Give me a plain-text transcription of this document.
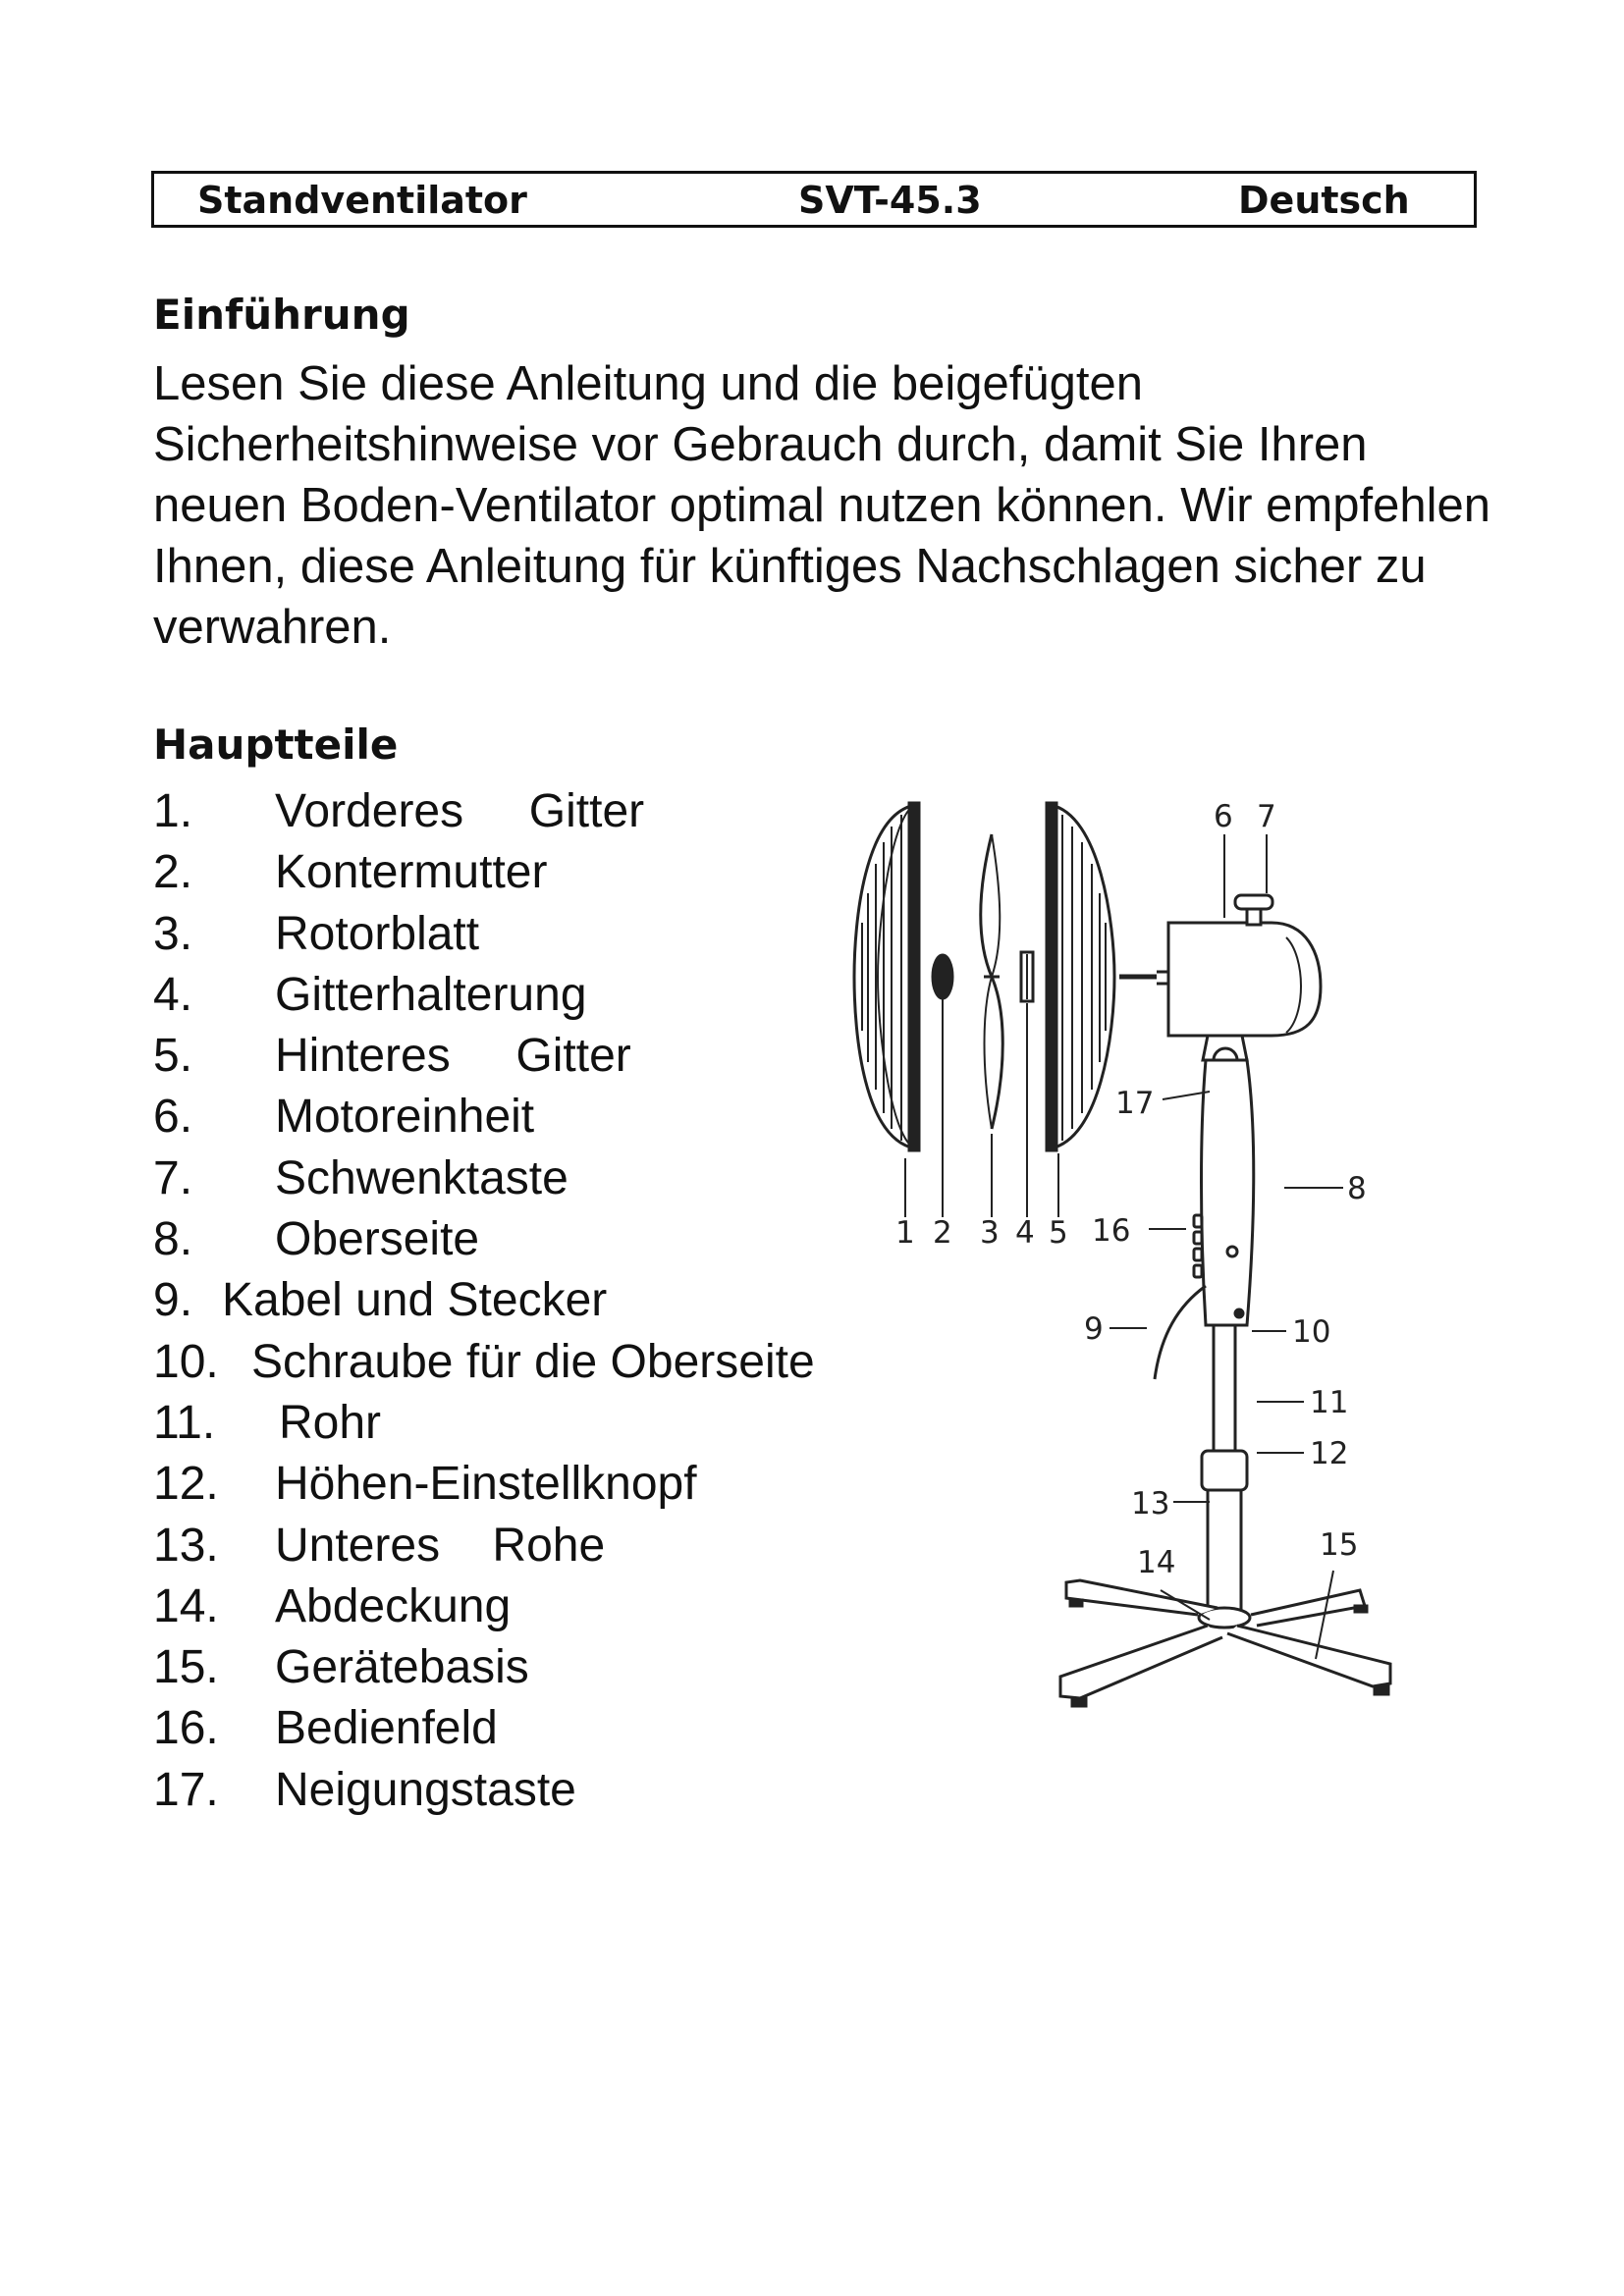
Standventilator	SVT-45.3	Deutsch
Einführung

Lesen Sie diese Anleitung und die beigefügten Sicherheitshinweise vor Gebrauch durch, damit Sie Ihren neuen Boden-Ventilator optimal nutzen können. Wir empfehlen Ihnen, diese Anleitung für künftiges Nachschlagen sicher zu verwahren.

Hauptteile
1. Vorderes     Gitter
2. Kontermutter
3. Rotorblatt
4. Gitterhalterung
5. Hinteres     Gitter
6. Motoreinheit
7. Schwenktaste
8. Oberseite
9. Kabel und Stecker
10. Schraube für die Oberseite
11. Rohr
12. Höhen-Einstellknopf
13. Unteres    Rohe
14. Abdeckung
15. Gerätebasis
16. Bedienfeld
17. Neigungstaste
1 2 3 4 5
6 7
8
9	10
11
12
13
14	15
16
17
